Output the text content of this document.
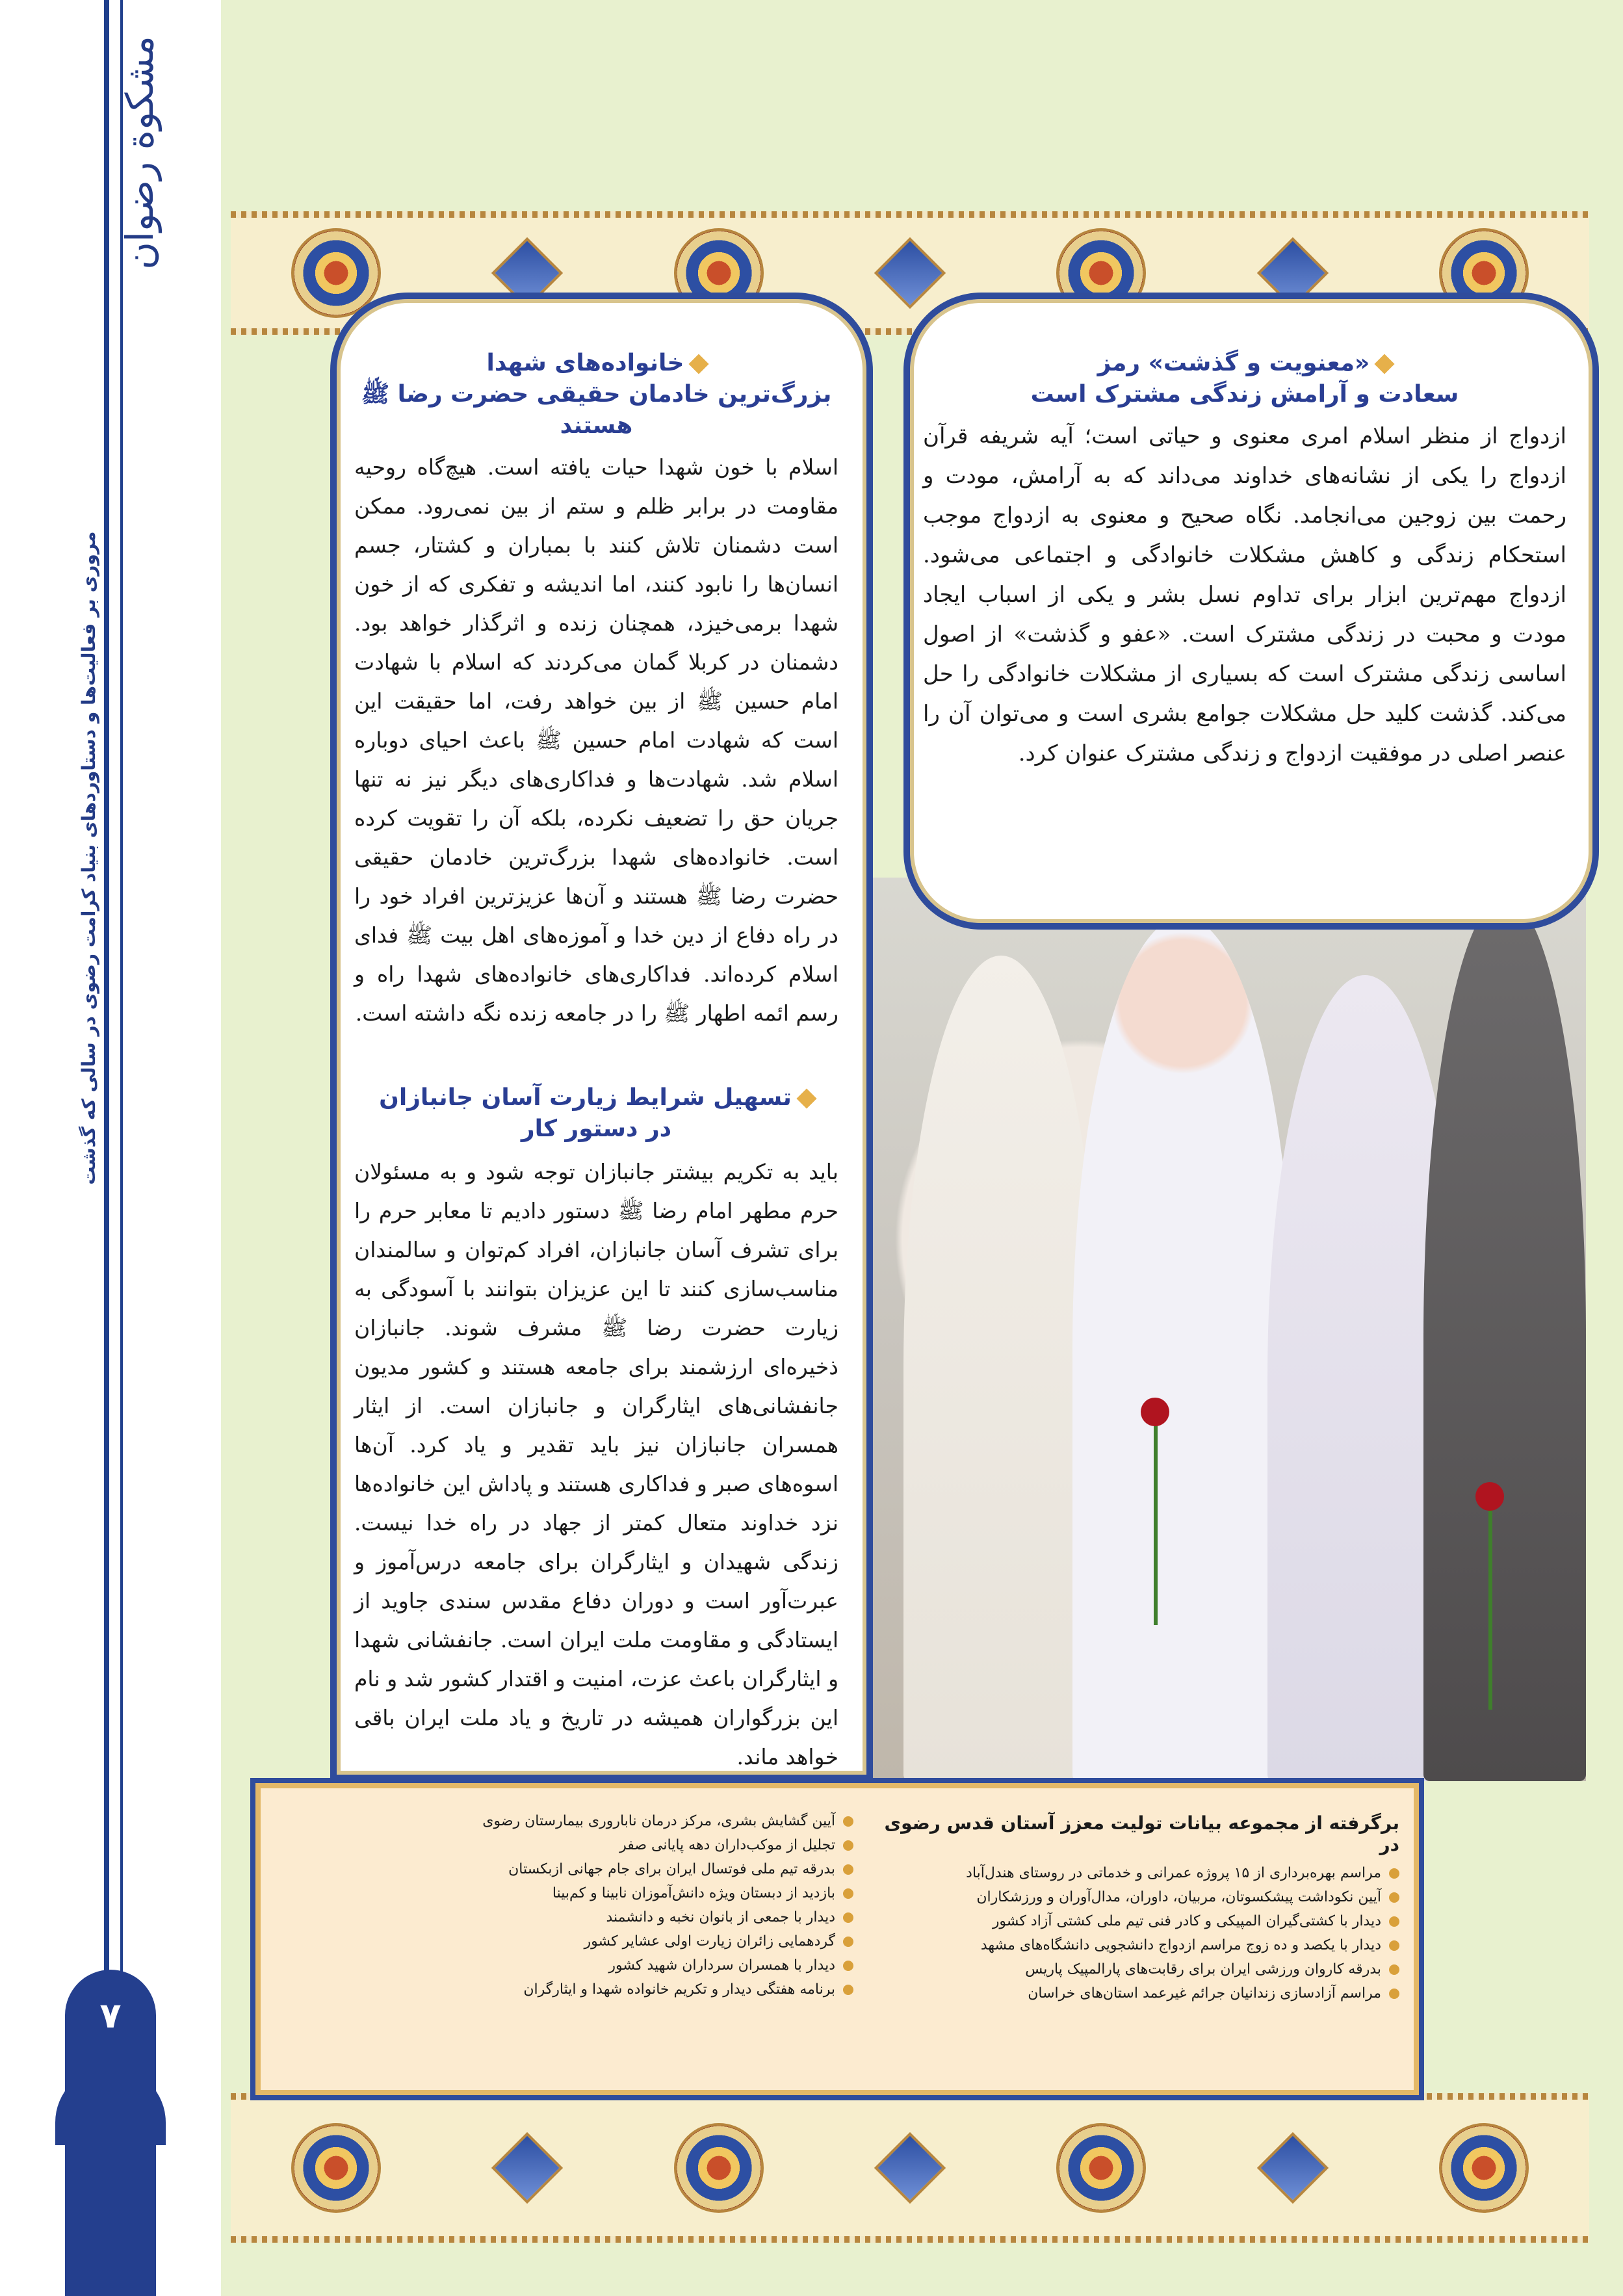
مشکوة رضوان
مروری بر فعالیت‌ها و دستاوردهای بنیاد کرامت رضوی در سالی که گذشت
۷
خانواده‌های شهدا
بزرگ‌ترین خادمان حقیقی حضرت رضا ﷺ
هستند
اسلام با خون شهدا حیات یافته است. هیچ‌گاه روحیه مقاومت در برابر ظلم و ستم از بین نمی‌رود. ممکن است دشمنان تلاش کنند با بمباران و کشتار، جسم انسان‌ها را نابود کنند، اما اندیشه و تفکری که از خون شهدا برمی‌خیزد، همچنان زنده و اثرگذار خواهد بود. دشمنان در کربلا گمان می‌کردند که اسلام با شهادت امام حسین ﷺ از بین خواهد رفت، اما حقیقت این است که شهادت امام حسین ﷺ باعث احیای دوباره اسلام شد. شهادت‌ها و فداکاری‌های دیگر نیز نه تنها جریان حق را تضعیف نکرده، بلکه آن را تقویت کرده است. خانواده‌های شهدا بزرگ‌ترین خادمان حقیقی حضرت رضا ﷺ هستند و آن‌ها عزیزترین افراد خود را در راه دفاع از دین خدا و آموزه‌های اهل بیت ﷺ فدای اسلام کرده‌اند. فداکاری‌های خانواده‌های شهدا راه و رسم ائمه اطهار ﷺ را در جامعه زنده نگه داشته است.
تسهیل شرایط زیارت آسان جانبازان
در دستور کار
باید به تکریم بیشتر جانبازان توجه شود و به مسئولان حرم مطهر امام رضا ﷺ دستور دادیم تا معابر حرم را برای تشرف آسان جانبازان، افراد کم‌توان و سالمندان مناسب‌سازی کنند تا این عزیزان بتوانند با آسودگی به زیارت حضرت رضا ﷺ مشرف شوند. جانبازان ذخیره‌ای ارزشمند برای جامعه هستند و کشور مدیون جانفشانی‌های ایثارگران و جانبازان است. از ایثار همسران جانبازان نیز باید تقدیر و یاد کرد. آن‌ها اسوه‌های صبر و فداکاری هستند و پاداش این خانواده‌ها نزد خداوند متعال کمتر از جهاد در راه خدا نیست. زندگی شهیدان و ایثارگران برای جامعه درس‌آموز و عبرت‌آور است و دوران دفاع مقدس سندی جاوید از ایستادگی و مقاومت ملت ایران است. جانفشانی شهدا و ایثارگران باعث عزت، امنیت و اقتدار کشور شد و نام این بزرگواران همیشه در تاریخ و یاد ملت ایران باقی خواهد ماند.
«معنویت و گذشت» رمز
سعادت و آرامش زندگی مشترک است
ازدواج از منظر اسلام امری معنوی و حیاتی است؛ آیه شریفه قرآن ازدواج را یکی از نشانه‌های خداوند می‌داند که به آرامش، مودت و رحمت بین زوجین می‌انجامد. نگاه صحیح و معنوی به ازدواج موجب استحکام زندگی و کاهش مشکلات خانوادگی و اجتماعی می‌شود. ازدواج مهم‌ترین ابزار برای تداوم نسل بشر و یکی از اسباب ایجاد مودت و محبت در زندگی مشترک است. «عفو و گذشت» از اصول اساسی زندگی مشترک است که بسیاری از مشکلات خانوادگی را حل می‌کند. گذشت کلید حل مشکلات جوامع بشری است و می‌توان آن را عنصر اصلی در موفقیت ازدواج و زندگی مشترک عنوان کرد.
برگرفته از مجموعه بیانات تولیت معزز آستان قدس رضوی در
مراسم بهره‌برداری از ۱۵ پروژه عمرانی و خدماتی در روستای هندل‌آباد
آیین نکوداشت پیشکسوتان، مربیان، داوران، مدال‌آوران و ورزشکاران
دیدار با کشتی‌گیران المپیکی و کادر فنی تیم ملی کشتی آزاد کشور
دیدار با یکصد و ده زوج مراسم ازدواج دانشجویی دانشگاه‌های مشهد
بدرقه کاروان ورزشی ایران برای رقابت‌های پارالمپیک پاریس
مراسم آزادسازی زندانیان جرائم غیرعمد استان‌های خراسان
آیین گشایش بشری، مرکز درمان ناباروری بیمارستان رضوی
تجلیل از موکب‌داران دهه پایانی صفر
بدرقه تیم ملی فوتسال ایران برای جام جهانی ازبکستان
بازدید از دبستان ویژه دانش‌آموزان نابینا و کم‌بینا
دیدار با جمعی از بانوان نخبه و دانشمند
گردهمایی زائران زیارت اولی عشایر کشور
دیدار با همسران سرداران شهید کشور
برنامه هفتگی دیدار و تکریم خانواده شهدا و ایثارگران
